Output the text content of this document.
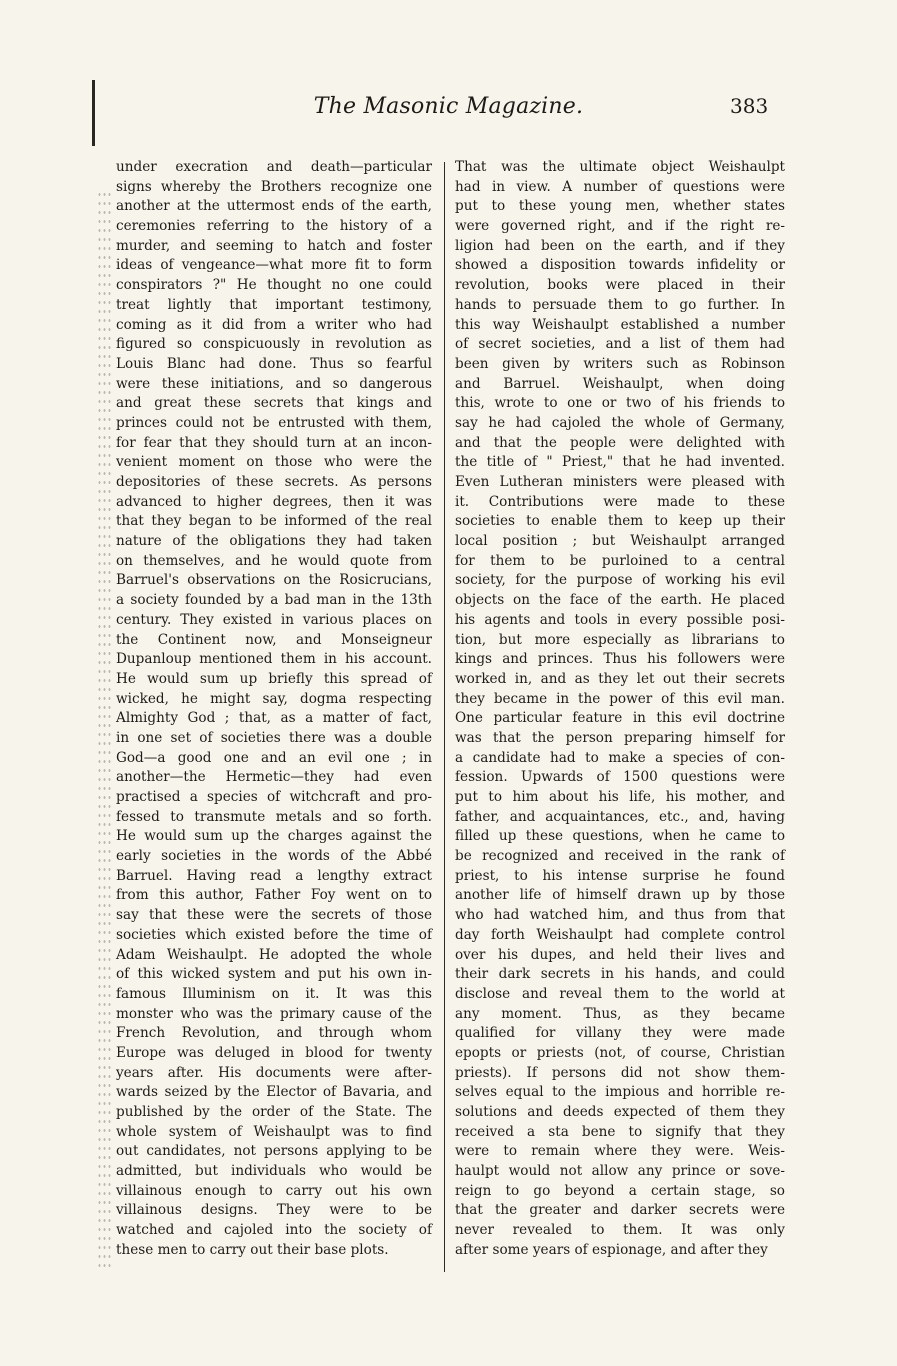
The Masonic Magazine.	383
under execration and death—particular
signs whereby the Brothers recognize one
another at the uttermost ends of the earth,
ceremonies referring to the history of a
murder, and seeming to hatch and foster
ideas of vengeance—what more fit to form
conspirators ?" He thought no one could
treat lightly that important testimony,
coming as it did from a writer who had
figured so conspicuously in revolution as
Louis Blanc had done. Thus so fearful
were these initiations, and so dangerous
and great these secrets that kings and
princes could not be entrusted with them,
for fear that they should turn at an incon-
venient moment on those who were the
depositories of these secrets. As persons
advanced to higher degrees, then it was
that they began to be informed of the real
nature of the obligations they had taken
on themselves, and he would quote from
Barruel's observations on the Rosicrucians,
a society founded by a bad man in the 13th
century. They existed in various places on
the Continent now, and Monseigneur
Dupanloup mentioned them in his account.
He would sum up briefly this spread of
wicked, he might say, dogma respecting
Almighty God ; that, as a matter of fact,
in one set of societies there was a double
God—a good one and an evil one ; in
another—the Hermetic—they had even
practised a species of witchcraft and pro-
fessed to transmute metals and so forth.
He would sum up the charges against the
early societies in the words of the Abbé
Barruel. Having read a lengthy extract
from this author, Father Foy went on to
say that these were the secrets of those
societies which existed before the time of
Adam Weishaulpt. He adopted the whole
of this wicked system and put his own in-
famous Illuminism on it. It was this
monster who was the primary cause of the
French Revolution, and through whom
Europe was deluged in blood for twenty
years after. His documents were after-
wards seized by the Elector of Bavaria, and
published by the order of the State. The
whole system of Weishaulpt was to find
out candidates, not persons applying to be
admitted, but individuals who would be
villainous enough to carry out his own
villainous designs. They were to be
watched and cajoled into the society of
these men to carry out their base plots.
That was the ultimate object Weishaulpt
had in view. A number of questions were
put to these young men, whether states
were governed right, and if the right re-
ligion had been on the earth, and if they
showed a disposition towards infidelity or
revolution, books were placed in their
hands to persuade them to go further. In
this way Weishaulpt established a number
of secret societies, and a list of them had
been given by writers such as Robinson
and Barruel. Weishaulpt, when doing
this, wrote to one or two of his friends to
say he had cajoled the whole of Germany,
and that the people were delighted with
the title of " Priest," that he had invented.
Even Lutheran ministers were pleased with
it. Contributions were made to these
societies to enable them to keep up their
local position ; but Weishaulpt arranged
for them to be purloined to a central
society, for the purpose of working his evil
objects on the face of the earth. He placed
his agents and tools in every possible posi-
tion, but more especially as librarians to
kings and princes. Thus his followers were
worked in, and as they let out their secrets
they became in the power of this evil man.
One particular feature in this evil doctrine
was that the person preparing himself for
a candidate had to make a species of con-
fession. Upwards of 1500 questions were
put to him about his life, his mother, and
father, and acquaintances, etc., and, having
filled up these questions, when he came to
be recognized and received in the rank of
priest, to his intense surprise he found
another life of himself drawn up by those
who had watched him, and thus from that
day forth Weishaulpt had complete control
over his dupes, and held their lives and
their dark secrets in his hands, and could
disclose and reveal them to the world at
any moment. Thus, as they became
qualified for villany they were made
epopts or priests (not, of course, Christian
priests). If persons did not show them-
selves equal to the impious and horrible re-
solutions and deeds expected of them they
received a sta bene to signify that they
were to remain where they were. Weis-
haulpt would not allow any prince or sove-
reign to go beyond a certain stage, so
that the greater and darker secrets were
never revealed to them. It was only
after some years of espionage, and after they
